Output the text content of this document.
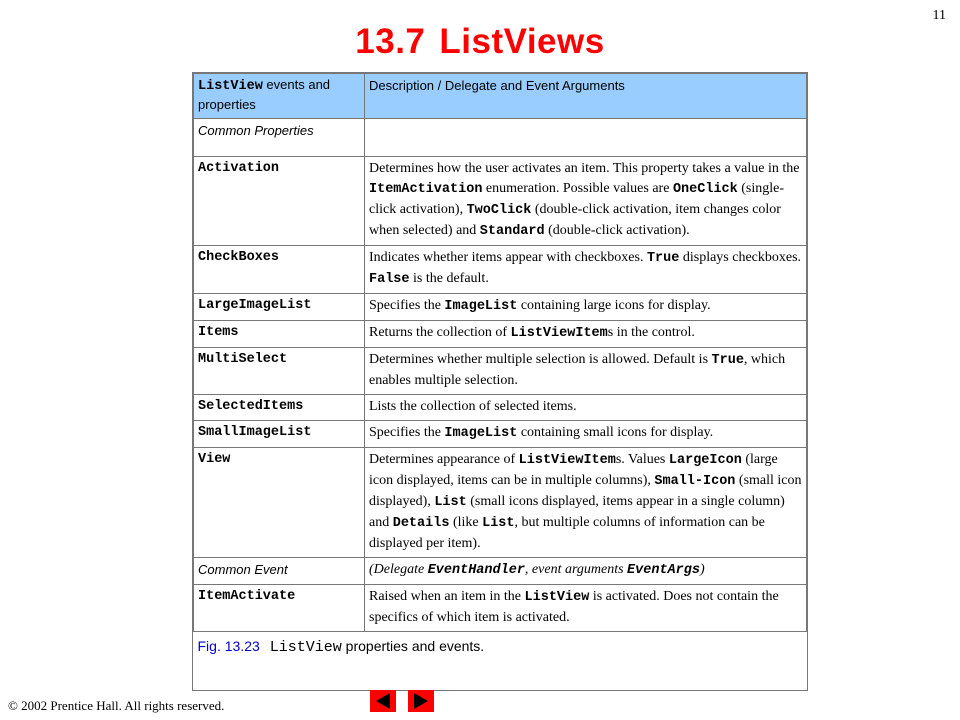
11
13.7 ListViews
ListView events and properties	Description / Delegate and Event Arguments
Common Properties	
Activation	Determines how the user activates an item. This property takes a value in the ItemActivation enumeration. Possible values are OneClick (single-click activation), TwoClick (double-click activation, item changes color when selected) and Standard (double-click activation).
CheckBoxes	Indicates whether items appear with checkboxes. True displays checkboxes. False is the default.
LargeImageList	Specifies the ImageList containing large icons for display.
Items	Returns the collection of ListViewItems in the control.
MultiSelect	Determines whether multiple selection is allowed. Default is True, which enables multiple selection.
SelectedItems	Lists the collection of selected items.
SmallImageList	Specifies the ImageList containing small icons for display.
View	Determines appearance of ListViewItems. Values LargeIcon (large icon displayed, items can be in multiple columns), Small-Icon (small icon displayed), List (small icons displayed, items appear in a single column) and Details (like List, but multiple columns of information can be displayed per item).
Common Event	(Delegate EventHandler, event arguments EventArgs)
ItemActivate	Raised when an item in the ListView is activated. Does not contain the specifics of which item is activated.
Fig. 13.23 ListView properties and events.	
© 2002 Prentice Hall. All rights reserved.
